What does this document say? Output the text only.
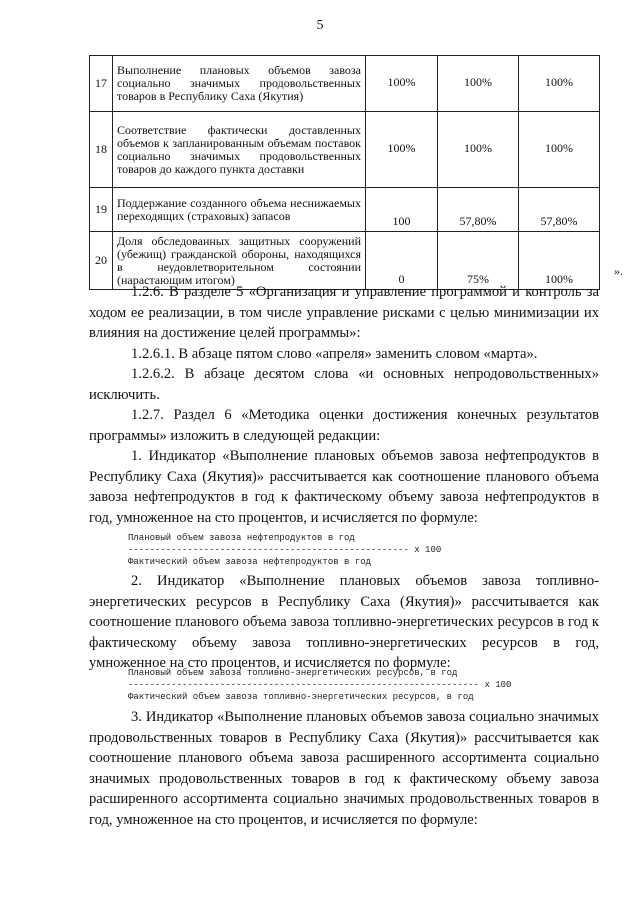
5
17	Выполнение плановых объемов завоза социально значимых продовольственных товаров в Республику Саха (Якутия)	100%	100%	100%
18	Соответствие фактически доставленных объемов к запланированным объемам поставок социально значимых продовольственных товаров до каждого пункта доставки	100%	100%	100%
19	Поддержание созданного объема неснижаемых переходящих (страховых) запасов	100	57,80%	57,80%
20	Доля обследованных защитных сооружений (убежищ) гражданской обороны, находящихся в неудовлетворительном состоянии (нарастающим итогом)	0	75%	100%
».

1.2.6. В разделе 5 «Организация и управление программой и контроль за ходом ее реализации, в том числе управление рисками с целью минимизации их влияния на достижение целей программы»:

1.2.6.1. В абзаце пятом слово «апреля» заменить словом «марта».

1.2.6.2. В абзаце десятом слова «и основных непродовольственных» исключить.

1.2.7. Раздел 6 «Методика оценки достижения конечных результатов программы» изложить в следующей редакции:

1. Индикатор «Выполнение плановых объемов завоза нефтепродуктов в Республику Саха (Якутия)» рассчитывается как соотношение планового объема завоза нефтепродуктов в год к фактическому объему завоза нефтепродуктов в год, умноженное на сто процентов, и исчисляется по формуле:

Плановый объем завоза нефтепродуктов в год
---------------------------------------------------- x 100
Фактический объем завоза нефтепродуктов в год

2. Индикатор «Выполнение плановых объемов завоза топливно-энергетических ресурсов в Республику Саха (Якутия)» рассчитывается как соотношение планового объема завоза топливно-энергетических ресурсов в год к фактическому объему завоза топливно-энергетических ресурсов в год, умноженное на сто процентов, и исчисляется по формуле:

Плановый объем завоза топливно-энергетических ресурсов, в год
----------------------------------------------------------------- x 100
Фактический объем завоза топливно-энергетических ресурсов, в год

3. Индикатор «Выполнение плановых объемов завоза социально значимых продовольственных товаров в Республику Саха (Якутия)» рассчитывается как соотношение планового объема завоза расширенного ассортимента социально значимых продовольственных товаров в год к фактическому объему завоза расширенного ассортимента социально значимых продовольственных товаров в год, умноженное на сто процентов, и исчисляется по формуле:
